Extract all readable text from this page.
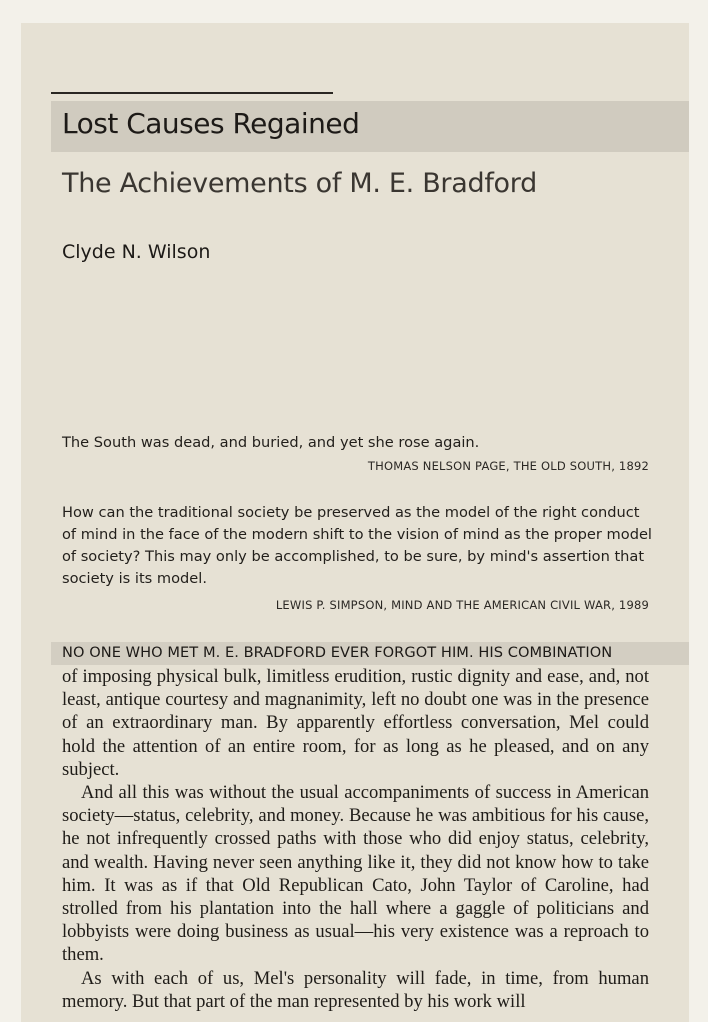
Lost Causes Regained
The Achievements of M. E. Bradford
Clyde N. Wilson
The South was dead, and buried, and yet she rose again.
THOMAS NELSON PAGE, THE OLD SOUTH, 1892
How can the traditional society be preserved as the model of the right conduct of mind in the face of the modern shift to the vision of mind as the proper model of society? This may only be accomplished, to be sure, by mind's assertion that society is its model.
LEWIS P. SIMPSON, MIND AND THE AMERICAN CIVIL WAR, 1989
NO ONE WHO MET M. E. BRADFORD EVER FORGOT HIM. HIS COMBINATION

of imposing physical bulk, limitless erudition, rustic dignity and ease, and, not least, antique courtesy and magnanimity, left no doubt one was in the presence of an extraordinary man. By apparently effortless conversation, Mel could hold the attention of an entire room, for as long as he pleased, and on any subject.

And all this was without the usual accompaniments of success in American society—status, celebrity, and money. Because he was ambitious for his cause, he not infrequently crossed paths with those who did enjoy status, celebrity, and wealth. Having never seen anything like it, they did not know how to take him. It was as if that Old Republican Cato, John Taylor of Caroline, had strolled from his plantation into the hall where a gaggle of politicians and lobbyists were doing business as usual—his very existence was a reproach to them.

As with each of us, Mel's personality will fade, in time, from human memory. But that part of the man represented by his work will
